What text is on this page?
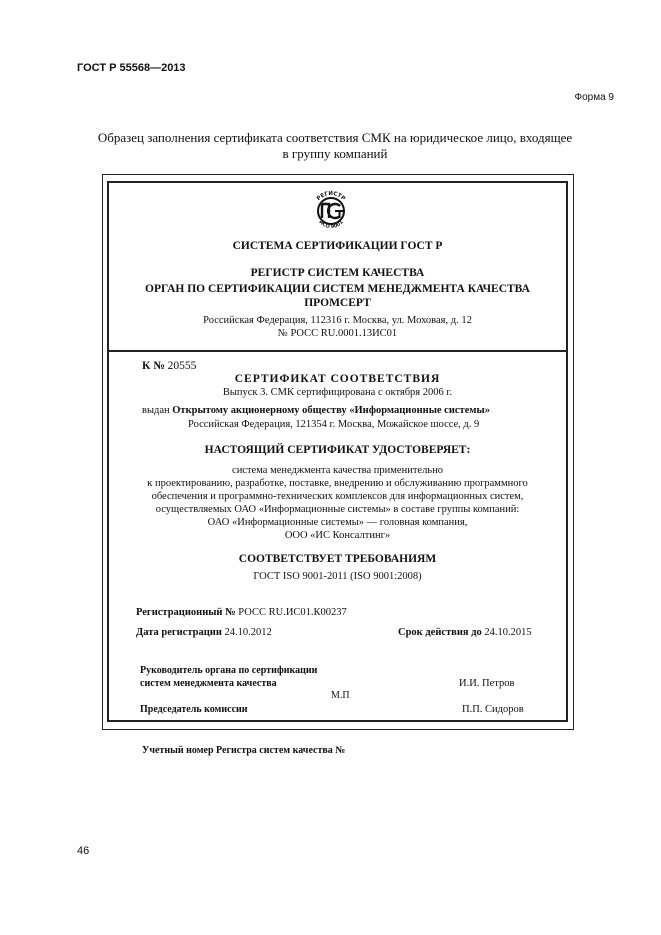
ГОСТ Р 55568—2013
Форма 9
Образец заполнения сертификата соответствия СМК на юридическое лицо, входящее
в группу компаний
РЕГИСТР
ИСО 9001
СИСТЕМА СЕРТИФИКАЦИИ ГОСТ Р
РЕГИСТР СИСТЕМ КАЧЕСТВА
ОРГАН ПО СЕРТИФИКАЦИИ СИСТЕМ МЕНЕДЖМЕНТА КАЧЕСТВА
ПРОМСЕРТ
Российская Федерация, 112316 г. Москва, ул. Моховая, д. 12
№ РОСС RU.0001.13ИС01
К № 20555
СЕРТИФИКАТ СООТВЕТСТВИЯ
Выпуск 3. СМК сертифицирована с октября 2006 г.
выдан Открытому акционерному обществу «Информационные системы»
Российская Федерация, 121354 г. Москва, Можайское шоссе, д. 9
НАСТОЯЩИЙ СЕРТИФИКАТ УДОСТОВЕРЯЕТ:
система менеджмента качества применительно
к проектированию, разработке, поставке, внедрению и обслуживанию программного
обеспечения и программно-технических комплексов для информационных систем,
осуществляемых ОАО «Информационные системы» в составе группы компаний:
ОАО «Информационные системы» — головная компания,
ООО «ИС Консалтинг»
СООТВЕТСТВУЕТ ТРЕБОВАНИЯМ
ГОСТ ISO 9001-2011 (ISO 9001:2008)
Регистрационный № РОСС RU.ИС01.К00237
Дата регистрации 24.10.2012	Срок действия до 24.10.2015
Руководитель органа по сертификации
систем менеджмента качества	И.И. Петров
М.П
Председатель комиссии	П.П. Сидоров
Учетный номер Регистра систем качества №
46
